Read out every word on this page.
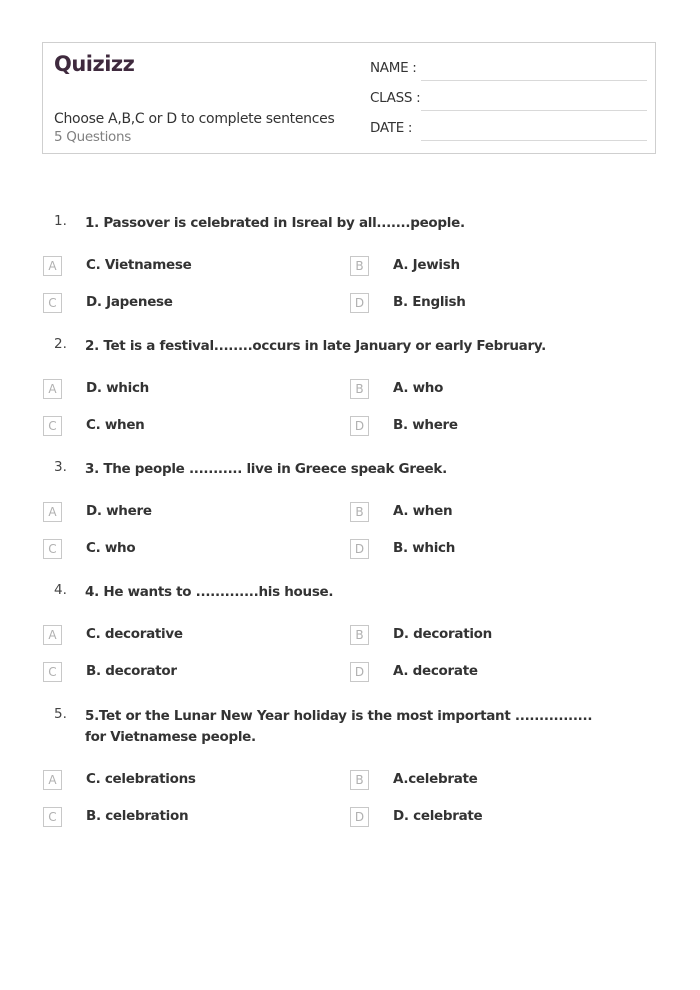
Quizizz
Choose A,B,C or D to complete sentences
5 Questions
NAME :
CLASS :
DATE :
1. 1. Passover is celebrated in Isreal by all.......people.
A	C. Vietnamese	B	A. Jewish
C	D. Japenese	D	B. English
2. 2. Tet is a festival........occurs in late January or early February.
A	D. which	B	A. who
C	C. when	D	B. where
3. 3. The people ........... live in Greece speak Greek.
A	D. where	B	A. when
C	C. who	D	B. which
4. 4. He wants to .............his house.
A	C. decorative	B	D. decoration
C	B. decorator	D	A. decorate
5. 5.Tet or the Lunar New Year holiday is the most important ................ for Vietnamese people.
A	C. celebrations	B	A.celebrate
C	B. celebration	D	D. celebrate
